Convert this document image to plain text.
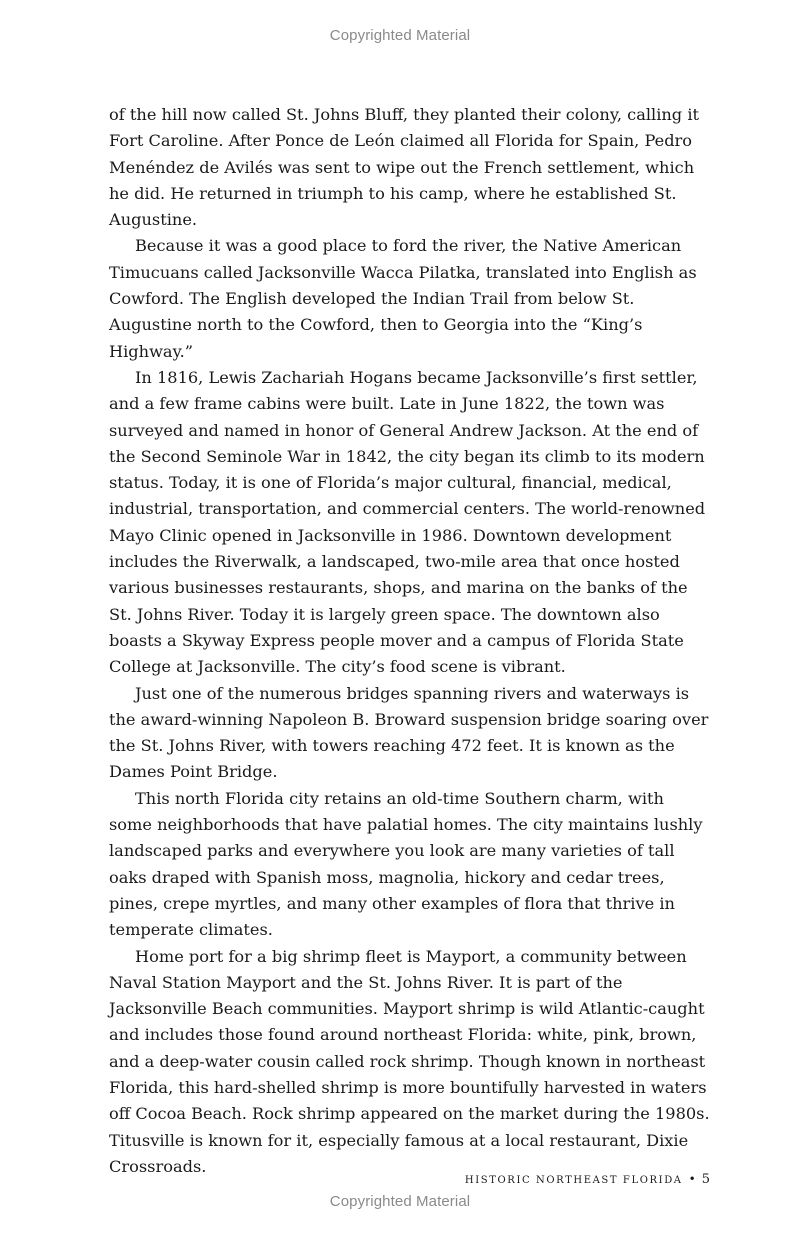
Copyrighted Material

of the hill now called St. Johns Bluff, they planted their colony, calling it Fort Caroline. After Ponce de León claimed all Florida for Spain, Pedro Menéndez de Avilés was sent to wipe out the French settlement, which he did. He returned in triumph to his camp, where he established St. Augustine.

Because it was a good place to ford the river, the Native American Timucuans called Jacksonville Wacca Pilatka, translated into English as Cowford. The English developed the Indian Trail from below St. Augustine north to the Cowford, then to Georgia into the “King’s Highway.”

In 1816, Lewis Zachariah Hogans became Jacksonville’s first settler, and a few frame cabins were built. Late in June 1822, the town was surveyed and named in honor of General Andrew Jackson. At the end of the Second Seminole War in 1842, the city began its climb to its modern status. Today, it is one of Florida’s major cultural, financial, medical, industrial, transportation, and commercial centers. The world-renowned Mayo Clinic opened in Jacksonville in 1986. Downtown development includes the Riverwalk, a landscaped, two-mile area that once hosted various businesses restaurants, shops, and marina on the banks of the St. Johns River. Today it is largely green space. The downtown also boasts a Skyway Express people mover and a campus of Florida State College at Jacksonville. The city’s food scene is vibrant.

Just one of the numerous bridges spanning rivers and waterways is the award-winning Napoleon B. Broward suspension bridge soaring over the St. Johns River, with towers reaching 472 feet. It is known as the Dames Point Bridge.

This north Florida city retains an old-time Southern charm, with some neighborhoods that have palatial homes. The city maintains lushly landscaped parks and everywhere you look are many varieties of tall oaks draped with Spanish moss, magnolia, hickory and cedar trees, pines, crepe myrtles, and many other examples of flora that thrive in temperate climates.

Home port for a big shrimp fleet is Mayport, a community between Naval Station Mayport and the St. Johns River. It is part of the Jacksonville Beach communities. Mayport shrimp is wild Atlantic-caught and includes those found around northeast Florida: white, pink, brown, and a deep-water cousin called rock shrimp. Though known in northeast Florida, this hard-shelled shrimp is more bountifully harvested in waters off Cocoa Beach. Rock shrimp appeared on the market during the 1980s. Titusville is known for it, especially famous at a local restaurant, Dixie Crossroads.

HISTORIC NORTHEAST FLORIDA • 5
Copyrighted Material
